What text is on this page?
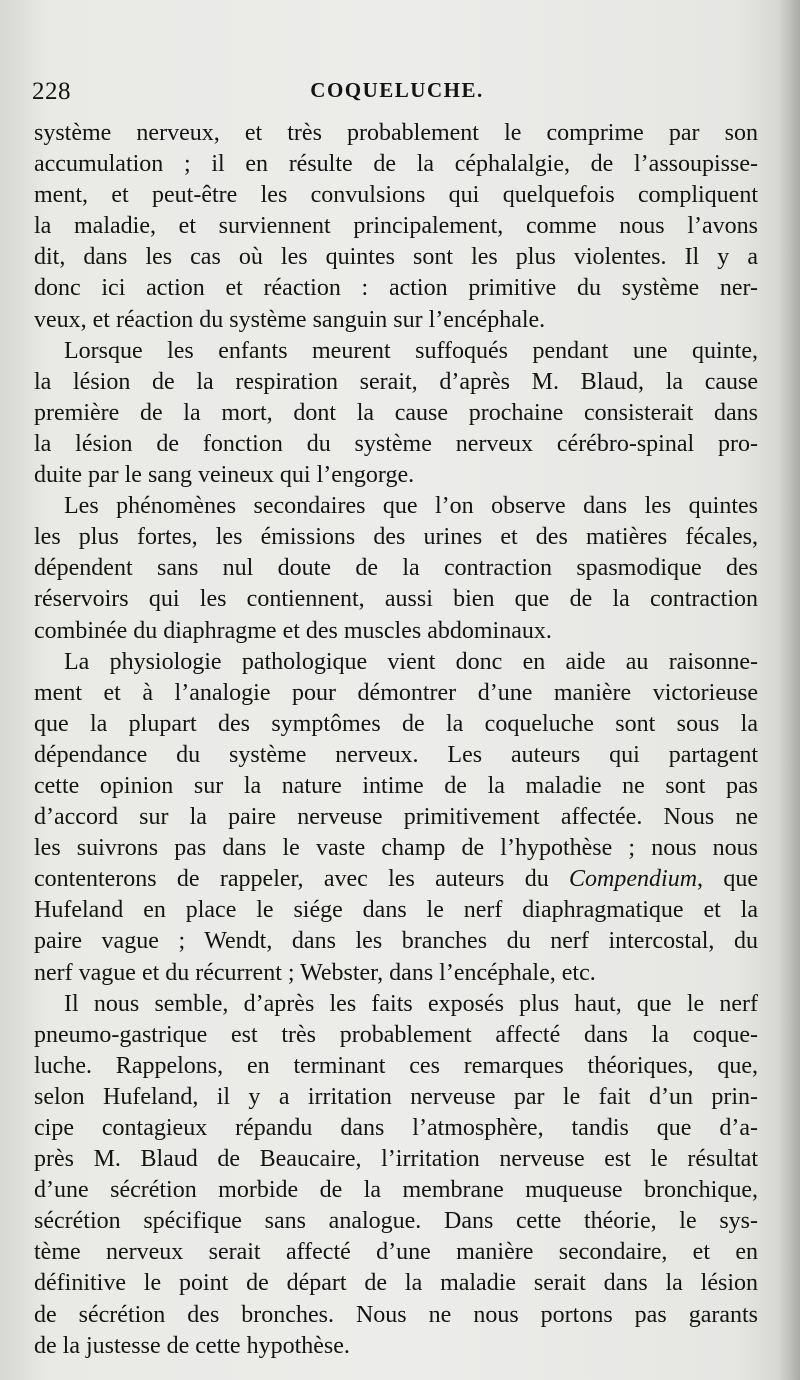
228	COQUELUCHE.
système nerveux, et très probablement le comprime par son
accumulation ; il en résulte de la céphalalgie, de l’assoupisse-
ment, et peut-être les convulsions qui quelquefois compliquent
la maladie, et surviennent principalement, comme nous l’avons
dit, dans les cas où les quintes sont les plus violentes. Il y a
donc ici action et réaction : action primitive du système ner-
veux, et réaction du système sanguin sur l’encéphale.
Lorsque les enfants meurent suffoqués pendant une quinte,
la lésion de la respiration serait, d’après M. Blaud, la cause
première de la mort, dont la cause prochaine consisterait dans
la lésion de fonction du système nerveux cérébro-spinal pro-
duite par le sang veineux qui l’engorge.
Les phénomènes secondaires que l’on observe dans les quintes
les plus fortes, les émissions des urines et des matières fécales,
dépendent sans nul doute de la contraction spasmodique des
réservoirs qui les contiennent, aussi bien que de la contraction
combinée du diaphragme et des muscles abdominaux.
La physiologie pathologique vient donc en aide au raisonne-
ment et à l’analogie pour démontrer d’une manière victorieuse
que la plupart des symptômes de la coqueluche sont sous la
dépendance du système nerveux. Les auteurs qui partagent
cette opinion sur la nature intime de la maladie ne sont pas
d’accord sur la paire nerveuse primitivement affectée. Nous ne
les suivrons pas dans le vaste champ de l’hypothèse ; nous nous
contenterons de rappeler, avec les auteurs du Compendium, que
Hufeland en place le siége dans le nerf diaphragmatique et la
paire vague ; Wendt, dans les branches du nerf intercostal, du
nerf vague et du récurrent ; Webster, dans l’encéphale, etc.
Il nous semble, d’après les faits exposés plus haut, que le nerf
pneumo-gastrique est très probablement affecté dans la coque-
luche. Rappelons, en terminant ces remarques théoriques, que,
selon Hufeland, il y a irritation nerveuse par le fait d’un prin-
cipe contagieux répandu dans l’atmosphère, tandis que d’a-
près M. Blaud de Beaucaire, l’irritation nerveuse est le résultat
d’une sécrétion morbide de la membrane muqueuse bronchique,
sécrétion spécifique sans analogue. Dans cette théorie, le sys-
tème nerveux serait affecté d’une manière secondaire, et en
définitive le point de départ de la maladie serait dans la lésion
de sécrétion des bronches. Nous ne nous portons pas garants
de la justesse de cette hypothèse.
